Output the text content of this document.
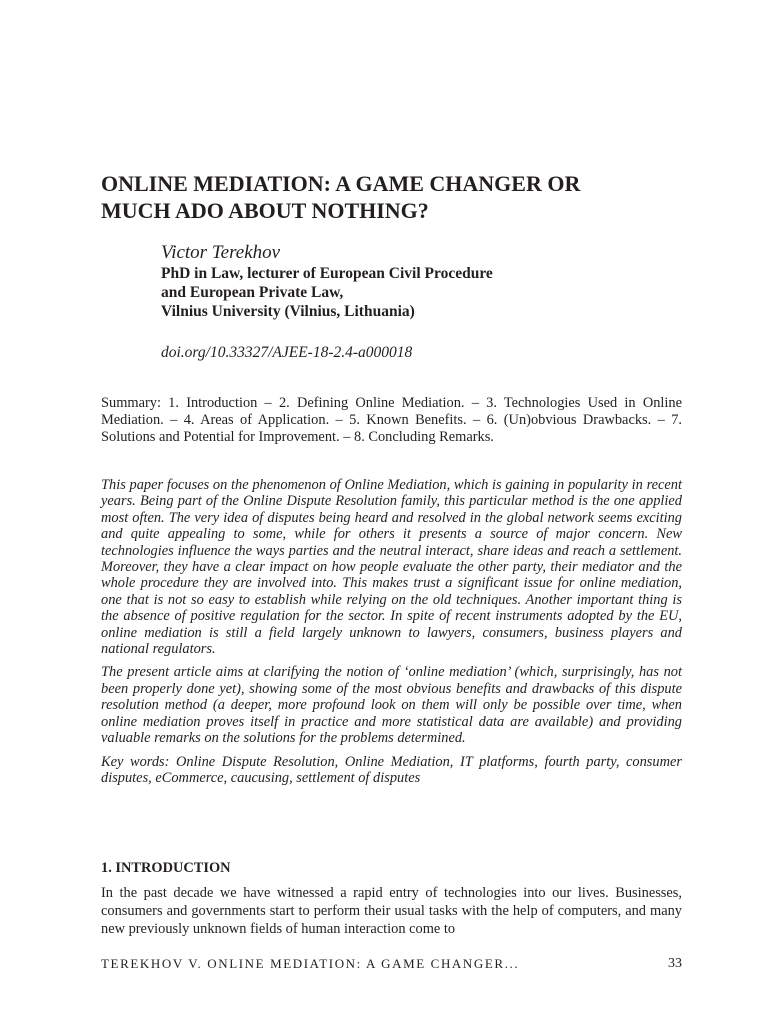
ONLINE MEDIATION: A GAME CHANGER OR
MUCH ADO ABOUT NOTHING?

Victor Terekhov

PhD in Law, lecturer of European Civil Procedure

and European Private Law,

Vilnius University (Vilnius, Lithuania)

doi.org/10.33327/AJEE-18-2.4-a000018

Summary: 1. Introduction – 2. Defining Online Mediation. – 3. Technologies Used in Online Mediation. – 4. Areas of Application. – 5. Known Benefits. – 6. (Un)obvious Drawbacks. – 7. Solutions and Potential for Improvement. – 8. Concluding Remarks.

This paper focuses on the phenomenon of Online Mediation, which is gaining in popularity in recent years. Being part of the Online Dispute Resolution family, this particular method is the one applied most often. The very idea of disputes being heard and resolved in the global network seems exciting and quite appealing to some, while for others it presents a source of major concern. New technologies influence the ways parties and the neutral interact, share ideas and reach a settlement. Moreover, they have a clear impact on how people evaluate the other party, their mediator and the whole procedure they are involved into. This makes trust a significant issue for online mediation, one that is not so easy to establish while relying on the old techniques. Another important thing is the absence of positive regulation for the sector. In spite of recent instruments adopted by the EU, online mediation is still a field largely unknown to lawyers, consumers, business players and national regulators.

The present article aims at clarifying the notion of ‘online mediation’ (which, surprisingly, has not been properly done yet), showing some of the most obvious benefits and drawbacks of this dispute resolution method (a deeper, more profound look on them will only be possible over time, when online mediation proves itself in practice and more statistical data are available) and providing valuable remarks on the solutions for the problems determined.

Key words: Online Dispute Resolution, Online Mediation, IT platforms, fourth party, consumer disputes, eCommerce, caucusing, settlement of disputes

1. INTRODUCTION

In the past decade we have witnessed a rapid entry of technologies into our lives. Businesses, consumers and governments start to perform their usual tasks with the help of computers, and many new previously unknown fields of human interaction come to

TEREKHOV V. ONLINE MEDIATION: A GAME CHANGER...	33
